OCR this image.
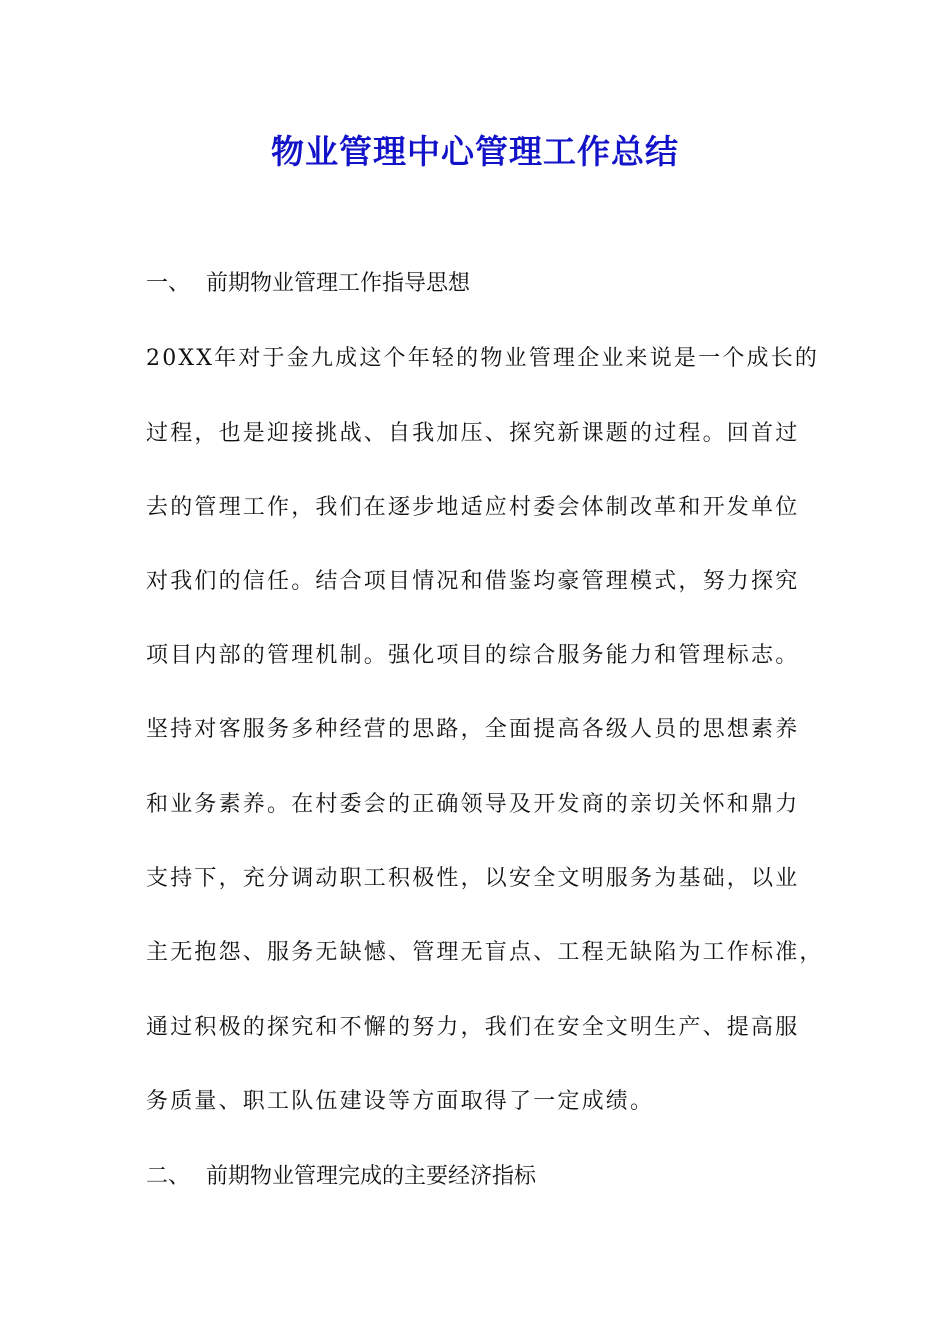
物业管理中心管理工作总结
一、 前期物业管理工作指导思想
20XX年对于金九成这个年轻的物业管理企业来说是一个成长的
过程，也是迎接挑战、自我加压、探究新课题的过程。回首过
去的管理工作，我们在逐步地适应村委会体制改革和开发单位
对我们的信任。结合项目情况和借鉴均豪管理模式，努力探究
项目内部的管理机制。强化项目的综合服务能力和管理标志。
坚持对客服务多种经营的思路，全面提高各级人员的思想素养
和业务素养。在村委会的正确领导及开发商的亲切关怀和鼎力
支持下，充分调动职工积极性，以安全文明服务为基础，以业
主无抱怨、服务无缺憾、管理无盲点、工程无缺陷为工作标准，
通过积极的探究和不懈的努力，我们在安全文明生产、提高服
务质量、职工队伍建设等方面取得了一定成绩。
二、 前期物业管理完成的主要经济指标
